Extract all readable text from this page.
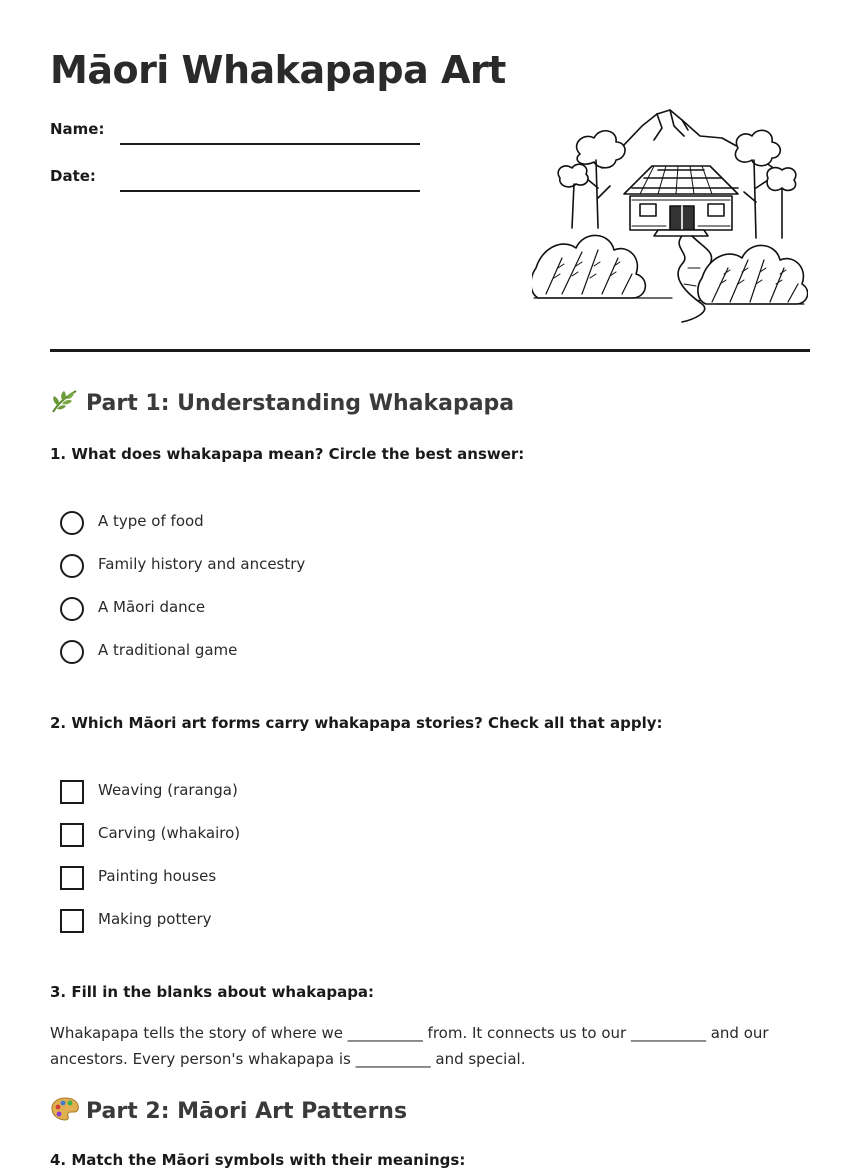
Māori Whakapapa Art
Name:
Date:
Part 1: Understanding Whakapapa
1. What does whakapapa mean? Circle the best answer:
A type of food
Family history and ancestry
A Māori dance
A traditional game
2. Which Māori art forms carry whakapapa stories? Check all that apply:
Weaving (raranga)
Carving (whakairo)
Painting houses
Making pottery
3. Fill in the blanks about whakapapa:
Whakapapa tells the story of where we __________ from. It connects us to our __________ and our
ancestors. Every person's whakapapa is __________ and special.
Part 2: Māori Art Patterns
4. Match the Māori symbols with their meanings:
